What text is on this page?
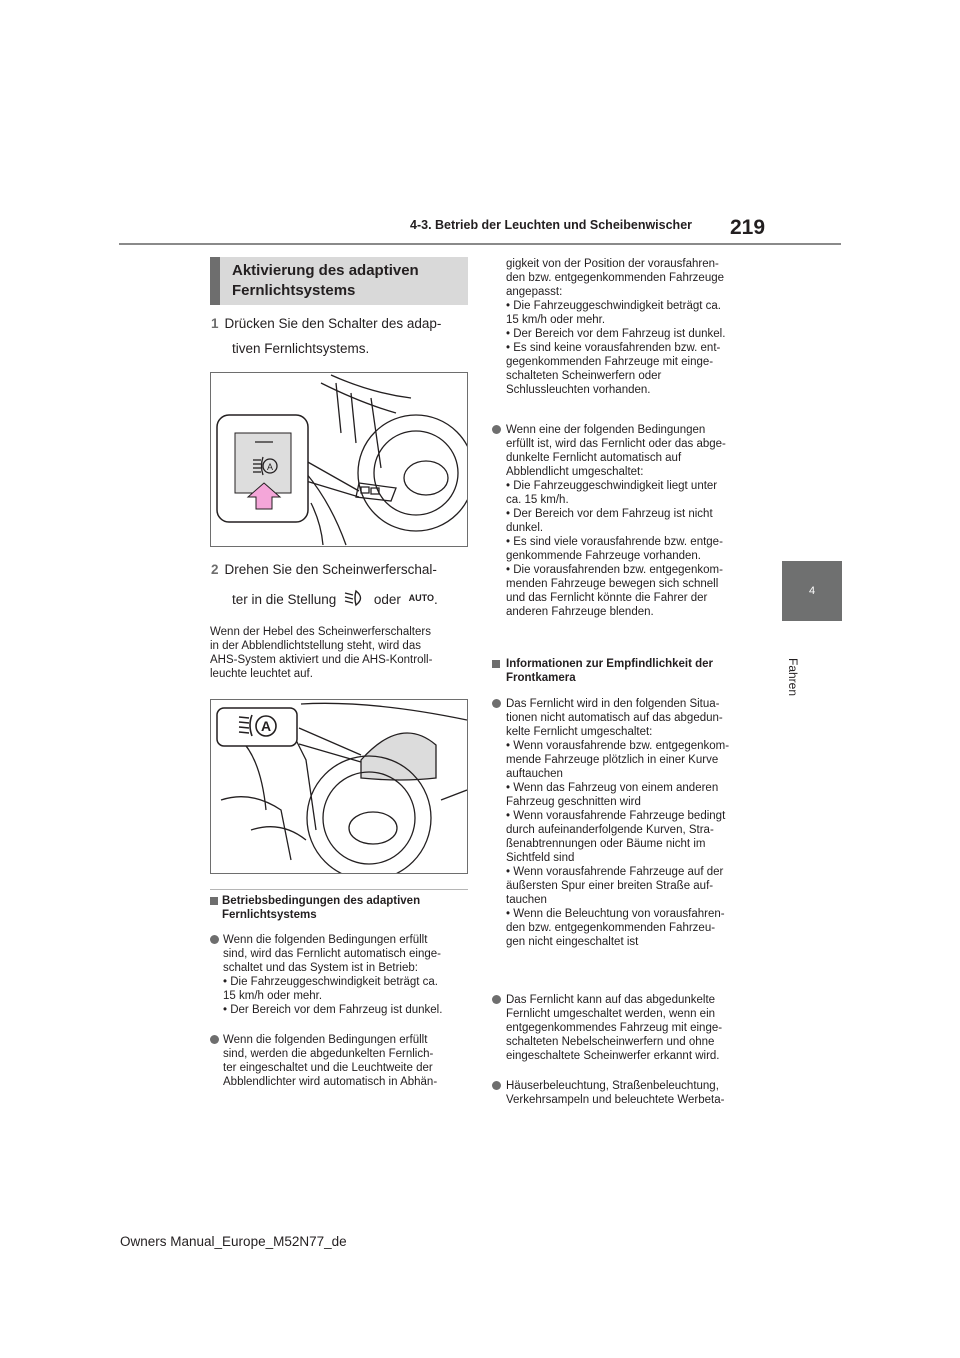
4-3. Betrieb der Leuchten und Scheibenwischer 219
4
Fahren
Aktivierung des adaptiven
Fernlichtsystems
1 Drücken Sie den Schalter des adap-
tiven Fernlichtsystems.
A
2 Drehen Sie den Scheinwerferschal-
ter in die Stellung	oder $^{AUTO}$.
Wenn der Hebel des Scheinwerferschalters
in der Abblendlichtstellung steht, wird das
AHS-System aktiviert und die AHS-Kontroll-
leuchte leuchtet auf.
A
Betriebsbedingungen des adaptiven
Fernlichtsystems
Wenn die folgenden Bedingungen erfüllt
sind, wird das Fernlicht automatisch einge-
schaltet und das System ist in Betrieb:
• Die Fahrzeuggeschwindigkeit beträgt ca.
15 km/h oder mehr.
• Der Bereich vor dem Fahrzeug ist dunkel.
Wenn die folgenden Bedingungen erfüllt
sind, werden die abgedunkelten Fernlich-
ter eingeschaltet und die Leuchtweite der
Abblendlichter wird automatisch in Abhän-
gigkeit von der Position der vorausfahren-
den bzw. entgegenkommenden Fahrzeuge
angepasst:
• Die Fahrzeuggeschwindigkeit beträgt ca.
15 km/h oder mehr.
• Der Bereich vor dem Fahrzeug ist dunkel.
• Es sind keine vorausfahrenden bzw. ent-
gegenkommenden Fahrzeuge mit einge-
schalteten Scheinwerfern oder
Schlussleuchten vorhanden.
Wenn eine der folgenden Bedingungen
erfüllt ist, wird das Fernlicht oder das abge-
dunkelte Fernlicht automatisch auf
Abblendlicht umgeschaltet:
• Die Fahrzeuggeschwindigkeit liegt unter
ca. 15 km/h.
• Der Bereich vor dem Fahrzeug ist nicht
dunkel.
• Es sind viele vorausfahrende bzw. entge-
genkommende Fahrzeuge vorhanden.
• Die vorausfahrenden bzw. entgegenkom-
menden Fahrzeuge bewegen sich schnell
und das Fernlicht könnte die Fahrer der
anderen Fahrzeuge blenden.
Informationen zur Empfindlichkeit der
Frontkamera
Das Fernlicht wird in den folgenden Situa-
tionen nicht automatisch auf das abgedun-
kelte Fernlicht umgeschaltet:
• Wenn vorausfahrende bzw. entgegenkom-
mende Fahrzeuge plötzlich in einer Kurve
auftauchen
• Wenn das Fahrzeug von einem anderen
Fahrzeug geschnitten wird
• Wenn vorausfahrende Fahrzeuge bedingt
durch aufeinanderfolgende Kurven, Stra-
ßenabtrennungen oder Bäume nicht im
Sichtfeld sind
• Wenn vorausfahrende Fahrzeuge auf der
äußersten Spur einer breiten Straße auf-
tauchen
• Wenn die Beleuchtung von vorausfahren-
den bzw. entgegenkommenden Fahrzeu-
gen nicht eingeschaltet ist
Das Fernlicht kann auf das abgedunkelte
Fernlicht umgeschaltet werden, wenn ein
entgegenkommendes Fahrzeug mit einge-
schalteten Nebelscheinwerfern und ohne
eingeschaltete Scheinwerfer erkannt wird.
Häuserbeleuchtung, Straßenbeleuchtung,
Verkehrsampeln und beleuchtete Werbeta-
Owners Manual_Europe_M52N77_de
